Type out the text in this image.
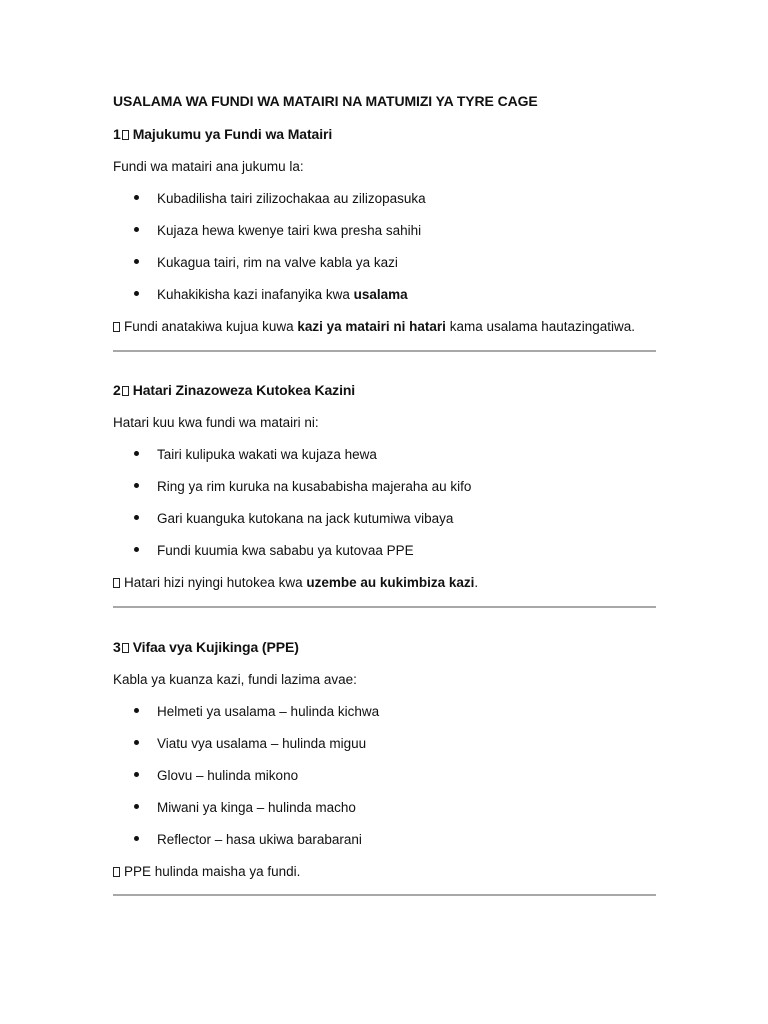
USALAMA WA FUNDI WA MATAIRI NA MATUMIZI YA TYRE CAGE
1 Majukumu ya Fundi wa Matairi
Fundi wa matairi ana jukumu la:
Kubadilisha tairi zilizochakaa au zilizopasuka
Kujaza hewa kwenye tairi kwa presha sahihi
Kukagua tairi, rim na valve kabla ya kazi
Kuhakikisha kazi inafanyika kwa usalama
Fundi anatakiwa kujua kuwa kazi ya matairi ni hatari kama usalama hautazingatiwa.
2 Hatari Zinazoweza Kutokea Kazini
Hatari kuu kwa fundi wa matairi ni:
Tairi kulipuka wakati wa kujaza hewa
Ring ya rim kuruka na kusababisha majeraha au kifo
Gari kuanguka kutokana na jack kutumiwa vibaya
Fundi kuumia kwa sababu ya kutovaa PPE
Hatari hizi nyingi hutokea kwa uzembe au kukimbiza kazi.
3 Vifaa vya Kujikinga (PPE)
Kabla ya kuanza kazi, fundi lazima avae:
Helmeti ya usalama – hulinda kichwa
Viatu vya usalama – hulinda miguu
Glovu – hulinda mikono
Miwani ya kinga – hulinda macho
Reflector – hasa ukiwa barabarani
PPE hulinda maisha ya fundi.
